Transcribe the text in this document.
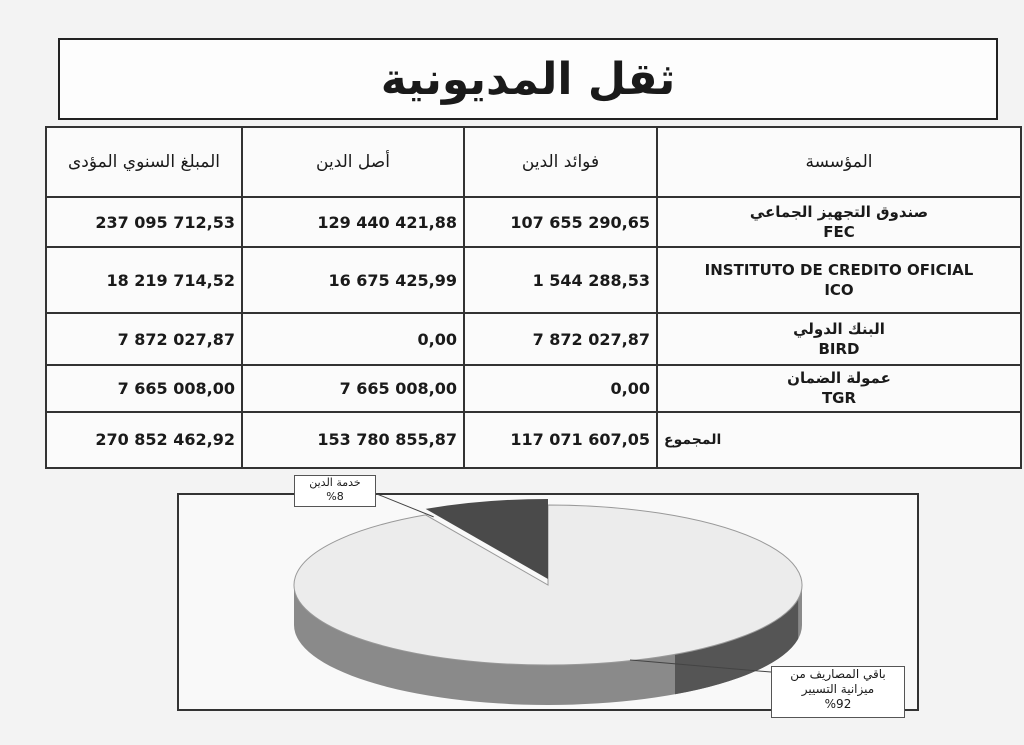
ثقل المديونية
المبلغ السنوي المؤدى	أصل الدين	فوائد الدين	المؤسسة
237 095 712,53	129 440 421,88	107 655 290,65	صندوق التجهيز الجماعي

FEC

18 219 714,52	16 675 425,99	1 544 288,53	INSTITUTO DE CREDITO OFICIAL
ICO

7 872 027,87	0,00	7 872 027,87	البنك الدولي

BIRD

7 665 008,00	7 665 008,00	0,00	عمولة الضمان

TGR

270 852 462,92	153 780 855,87	117 071 607,05	المجموع
خدمة الدين
%8
باقي المصاريف من ميزانية التسيير
%92
